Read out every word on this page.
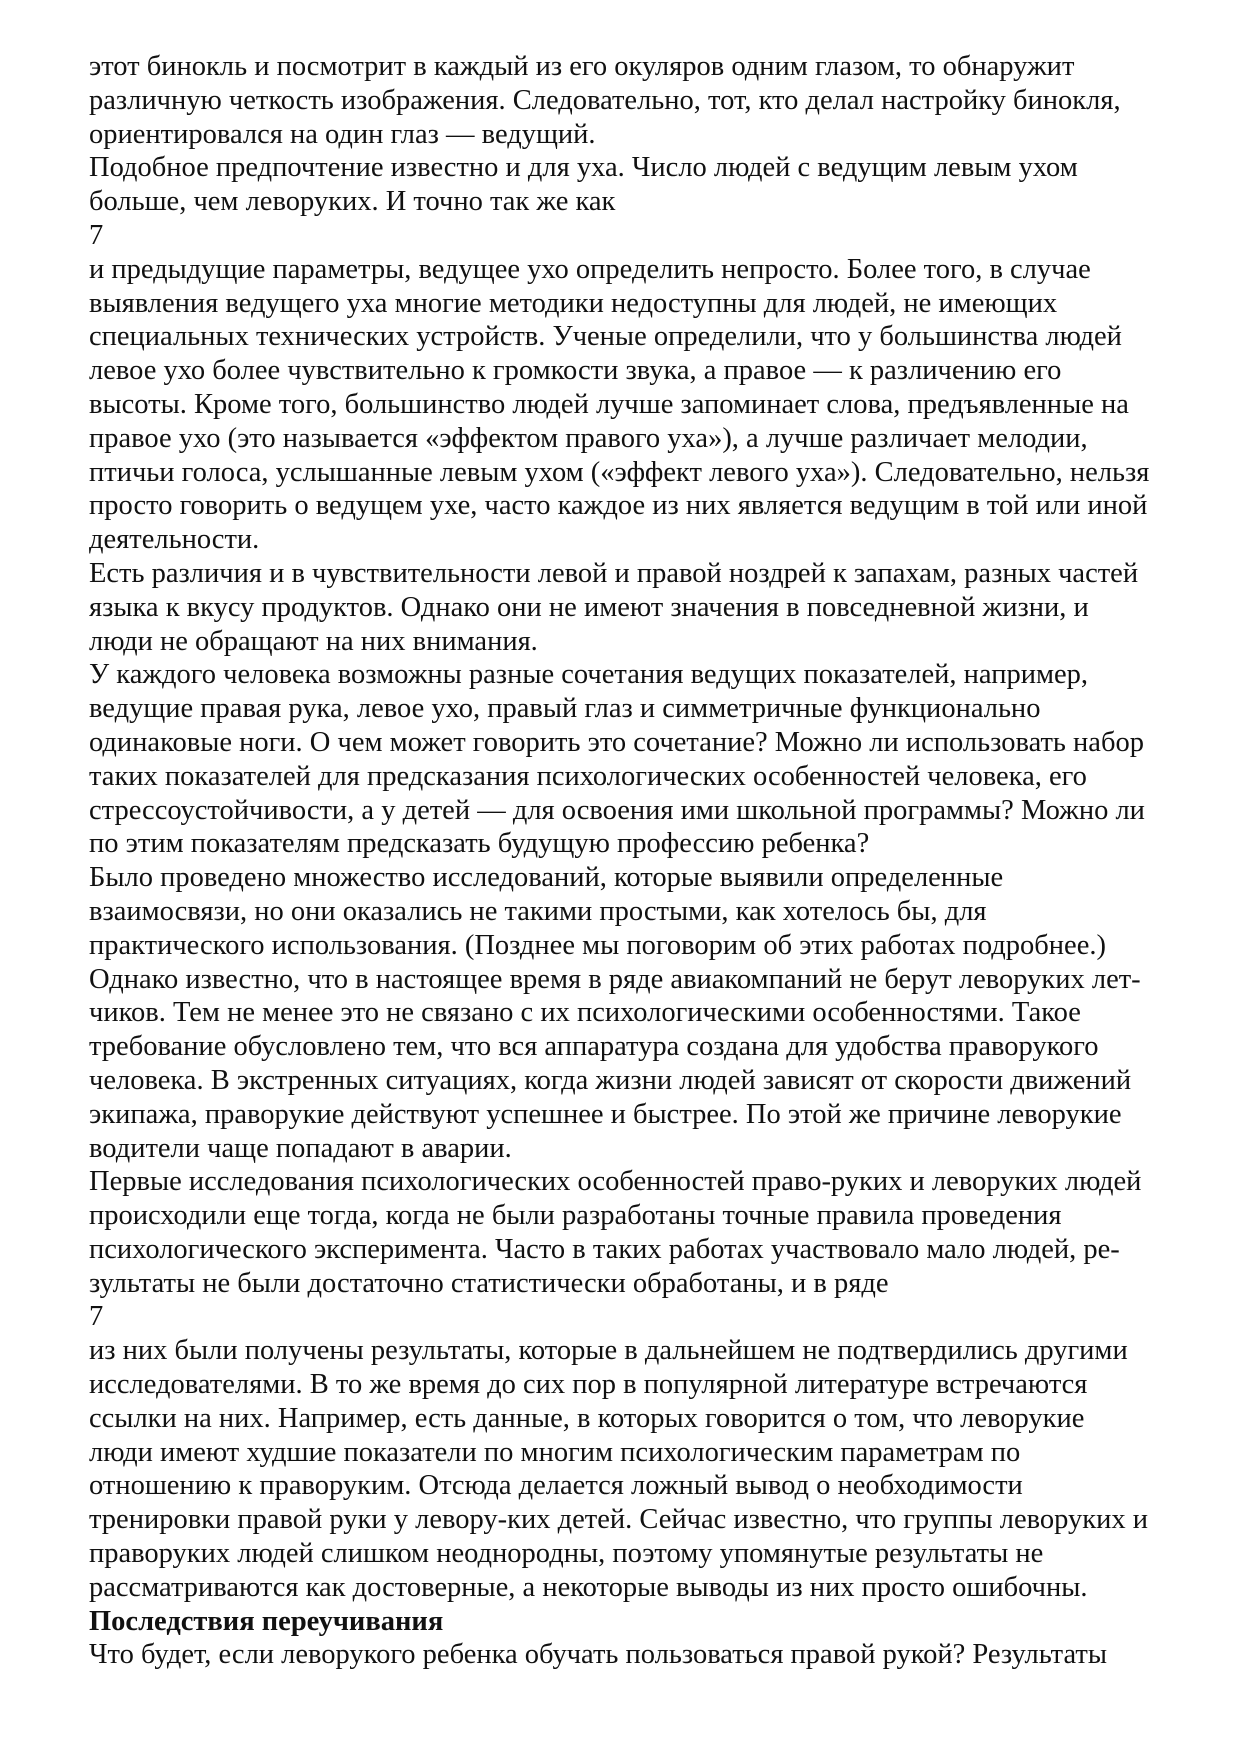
этот бинокль и посмотрит в каждый из его окуляров одним глазом, то обнаружит
различную четкость изображения. Следовательно, тот, кто делал настройку бинокля,
ориентировался на один глаз — ведущий.
Подобное предпочтение известно и для уха. Число людей с ведущим левым ухом
больше, чем леворуких. И точно так же как
7
и предыдущие параметры, ведущее ухо определить непросто. Более того, в случае
выявления ведущего уха многие методики недоступны для людей, не имеющих
специальных технических устройств. Ученые определили, что у большинства людей
левое ухо более чувствительно к громкости звука, а правое — к различению его
высоты. Кроме того, большинство людей лучше запоминает слова, предъявленные на
правое ухо (это называется «эффектом правого уха»), а лучше различает мелодии,
птичьи голоса, услышанные левым ухом («эффект левого уха»). Следовательно, нельзя
просто говорить о ведущем ухе, часто каждое из них является ведущим в той или иной
деятельности.
Есть различия и в чувствительности левой и правой ноздрей к запахам, разных частей
языка к вкусу продуктов. Однако они не имеют значения в повседневной жизни, и
люди не обращают на них внимания.
У каждого человека возможны разные сочетания ведущих показателей, например,
ведущие правая рука, левое ухо, правый глаз и симметричные функционально
одинаковые ноги. О чем может говорить это сочетание? Можно ли использовать набор
таких показателей для предсказания психологических особенностей человека, его
стрессоустойчивости, а у детей — для освоения ими школьной программы? Можно ли
по этим показателям предсказать будущую профессию ребенка?
Было проведено множество исследований, которые выявили определенные
взаимосвязи, но они оказались не такими простыми, как хотелось бы, для
практического использования. (Позднее мы поговорим об этих работах подробнее.)
Однако известно, что в настоящее время в ряде авиакомпаний не берут леворуких лет-
чиков. Тем не менее это не связано с их психологическими особенностями. Такое
требование обусловлено тем, что вся аппаратура создана для удобства праворукого
человека. В экстренных ситуациях, когда жизни людей зависят от скорости движений
экипажа, праворукие действуют успешнее и быстрее. По этой же причине леворукие
водители чаще попадают в аварии.
Первые исследования психологических особенностей право-руких и леворуких людей
происходили еще тогда, когда не были разработаны точные правила проведения
психологического эксперимента. Часто в таких работах участвовало мало людей, ре-
зультаты не были достаточно статистически обработаны, и в ряде
7
из них были получены результаты, которые в дальнейшем не подтвердились другими
исследователями. В то же время до сих пор в популярной литературе встречаются
ссылки на них. Например, есть данные, в которых говорится о том, что леворукие
люди имеют худшие показатели по многим психологическим параметрам по
отношению к праворуким. Отсюда делается ложный вывод о необходимости
тренировки правой руки у левору-ких детей. Сейчас известно, что группы леворуких и
праворуких людей слишком неоднородны, поэтому упомянутые результаты не
рассматриваются как достоверные, а некоторые выводы из них просто ошибочны.
Последствия переучивания
Что будет, если леворукого ребенка обучать пользоваться правой рукой? Результаты
